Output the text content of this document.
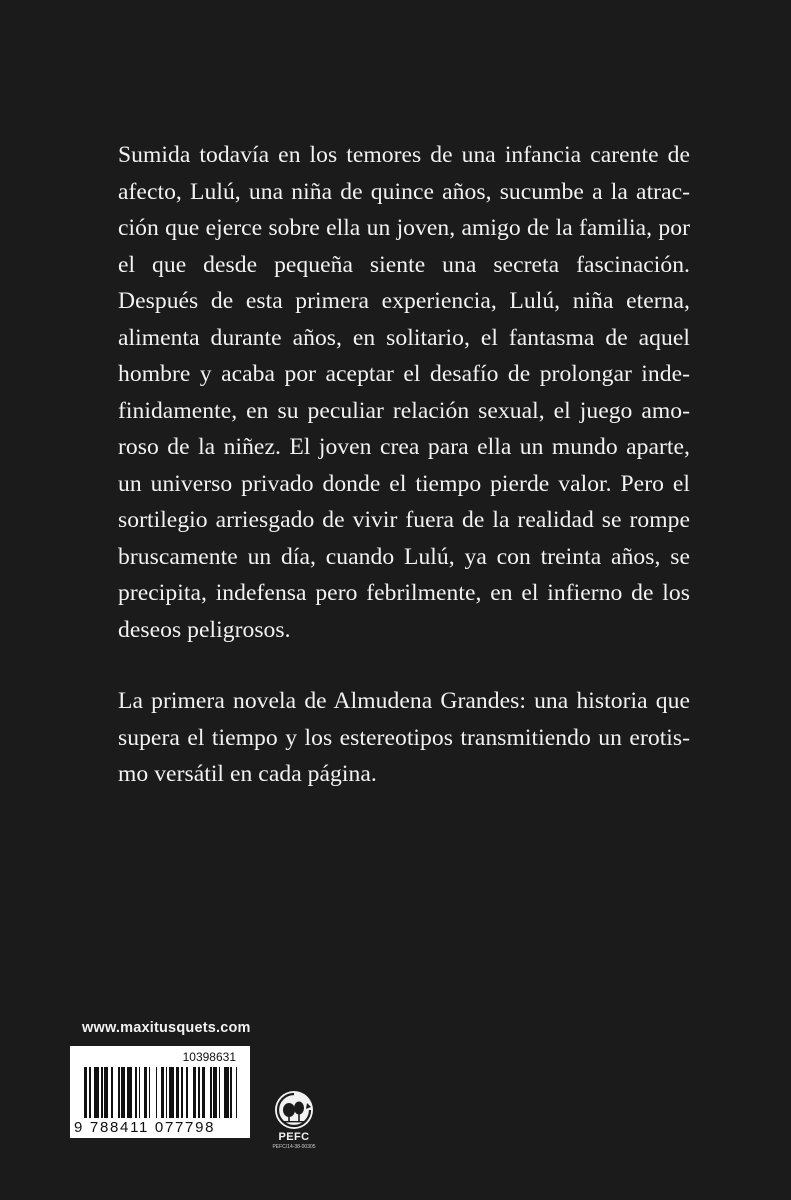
Sumida todavía en los temores de una infancia carente de afecto, Lulú, una niña de quince años, sucumbe a la atracción que ejerce sobre ella un joven, amigo de la familia, por el que desde pequeña siente una secreta fascinación. Después de esta primera experiencia, Lulú, niña eterna, alimenta durante años, en solitario, el fantasma de aquel hombre y acaba por aceptar el desafío de prolongar indefinidamente, en su peculiar relación sexual, el juego amoroso de la niñez. El joven crea para ella un mundo aparte, un universo privado donde el tiempo pierde valor. Pero el sortilegio arriesgado de vivir fuera de la realidad se rompe bruscamente un día, cuando Lulú, ya con treinta años, se precipita, indefensa pero febrilmente, en el infierno de los deseos peligrosos.

La primera novela de Almudena Grandes: una historia que supera el tiempo y los estereotipos transmitiendo un erotismo versátil en cada página.

www.maxitusquets.com
10398631
9 788411 077798
PEFC
PEFC/14-38-00305
